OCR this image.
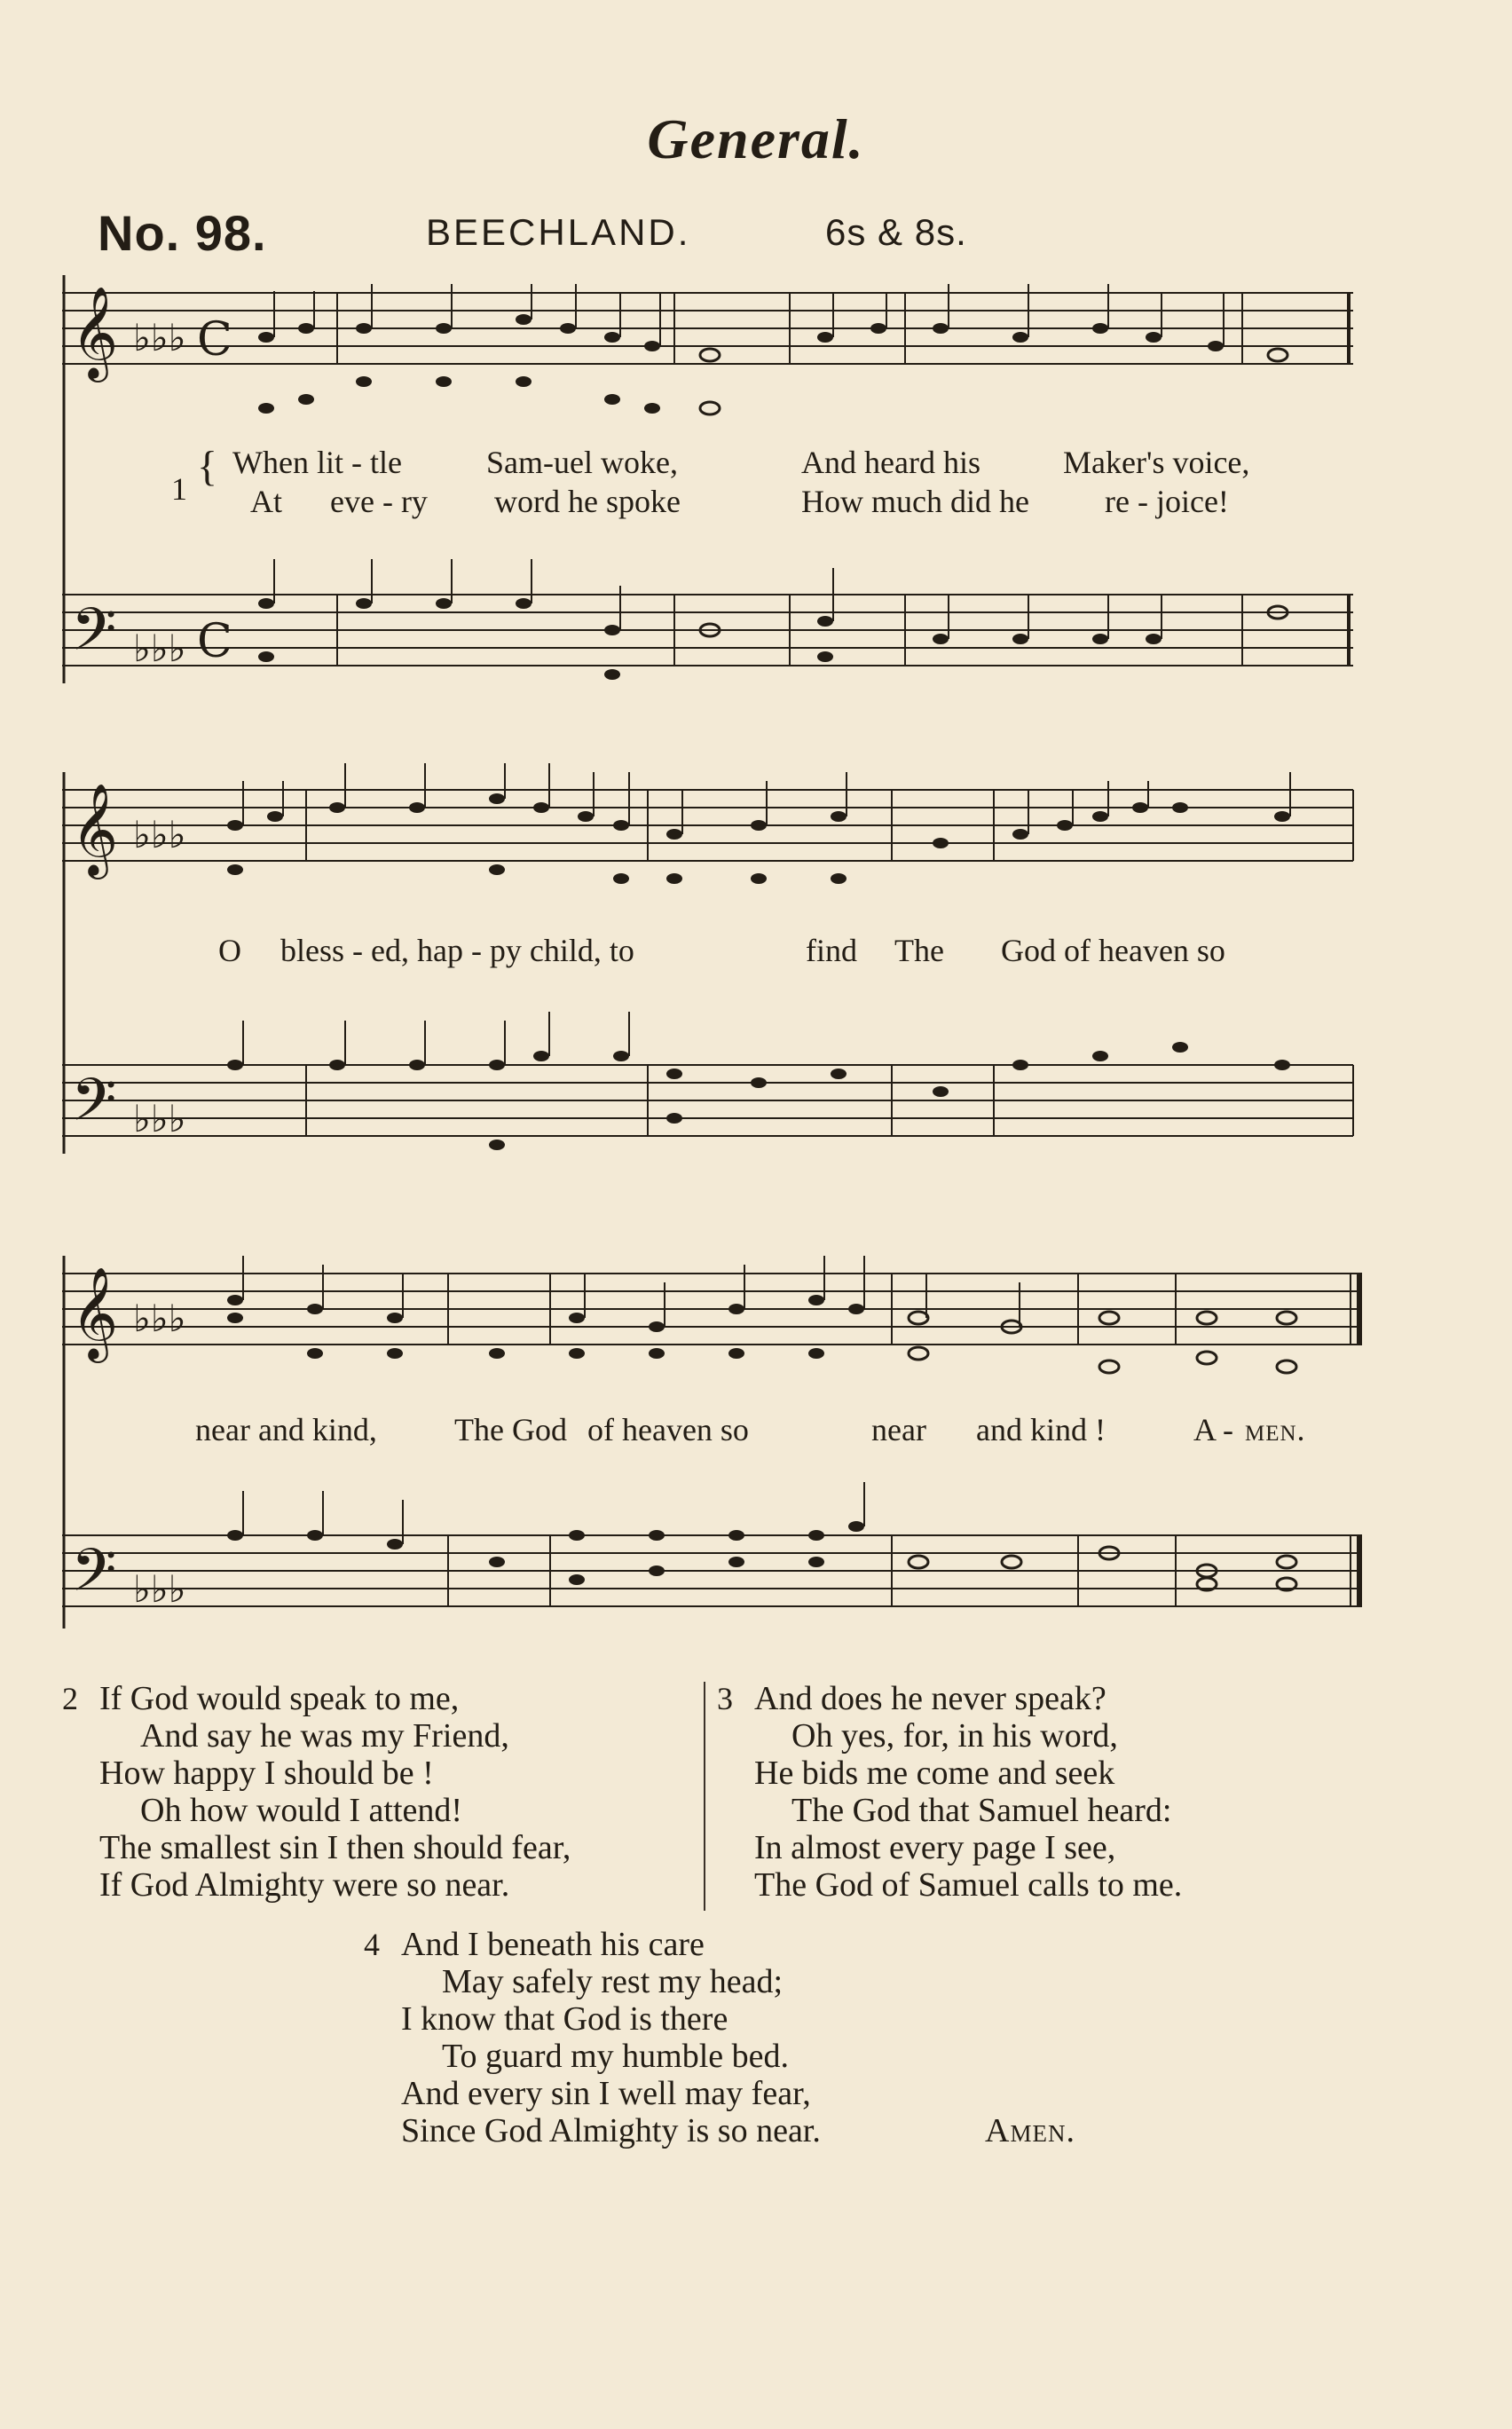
General.
No. 98.	BEECHLAND.	6s & 8s.
𝄞
𝄢
♭♭♭
♭♭♭
C
C
1 { When lit - tle	Sam-uel woke,	And heard his	Maker's voice,
At eve - ry word he spoke	How much did he re - joice!
𝄞
𝄢
♭♭♭
♭♭♭
O bless - ed, hap - py child, to	find The God of heaven so
𝄞
𝄢
♭♭♭
♭♭♭
near and kind, The God of heaven so	near and kind !	A - men.
2 If God would speak to me,
And say he was my Friend,
How happy I should be !
Oh how would I attend!
The smallest sin I then should fear,
If God Almighty were so near.
3 And does he never speak?
Oh yes, for, in his word,
He bids me come and seek
The God that Samuel heard:
In almost every page I see,
The God of Samuel calls to me.
4 And I beneath his care
May safely rest my head;
I know that God is there
To guard my humble bed.
And every sin I well may fear,
Since God Almighty is so near.	Amen.
